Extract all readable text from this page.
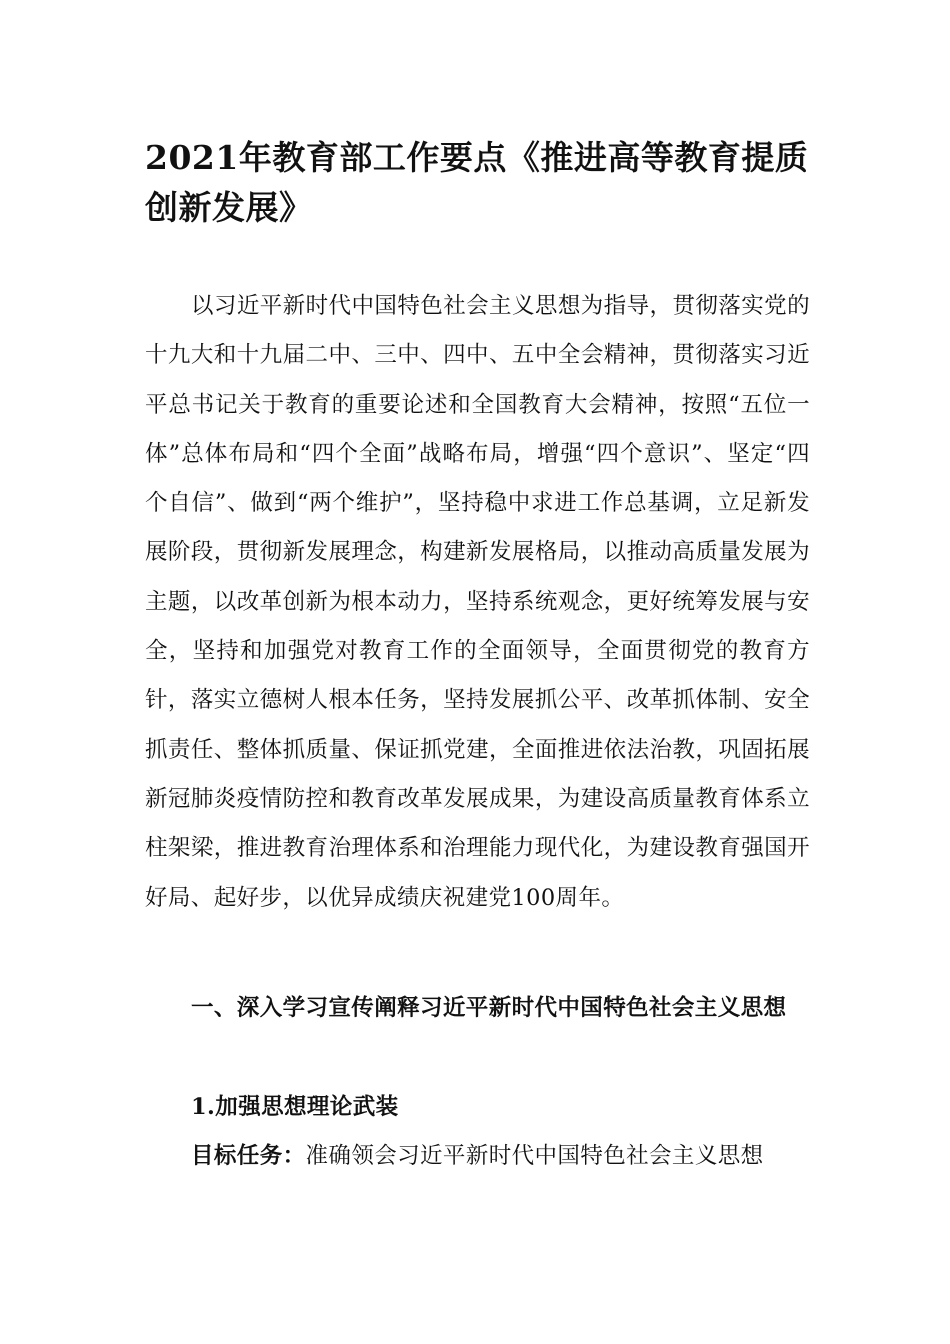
2021年教育部工作要点《推进高等教育提质创新发展》

以习近平新时代中国特色社会主义思想为指导，贯彻落实党的十九大和十九届二中、三中、四中、五中全会精神，贯彻落实习近平总书记关于教育的重要论述和全国教育大会精神，按照“五位一体”总体布局和“四个全面”战略布局，增强“四个意识”、坚定“四个自信”、做到“两个维护”，坚持稳中求进工作总基调，立足新发展阶段，贯彻新发展理念，构建新发展格局，以推动高质量发展为主题，以改革创新为根本动力，坚持系统观念，更好统筹发展与安全，坚持和加强党对教育工作的全面领导，全面贯彻党的教育方针，落实立德树人根本任务，坚持发展抓公平、改革抓体制、安全抓责任、整体抓质量、保证抓党建，全面推进依法治教，巩固拓展新冠肺炎疫情防控和教育改革发展成果，为建设高质量教育体系立柱架梁，推进教育治理体系和治理能力现代化，为建设教育强国开好局、起好步，以优异成绩庆祝建党100周年。

一、深入学习宣传阐释习近平新时代中国特色社会主义思想

1.加强思想理论武装

目标任务：准确领会习近平新时代中国特色社会主义思想
